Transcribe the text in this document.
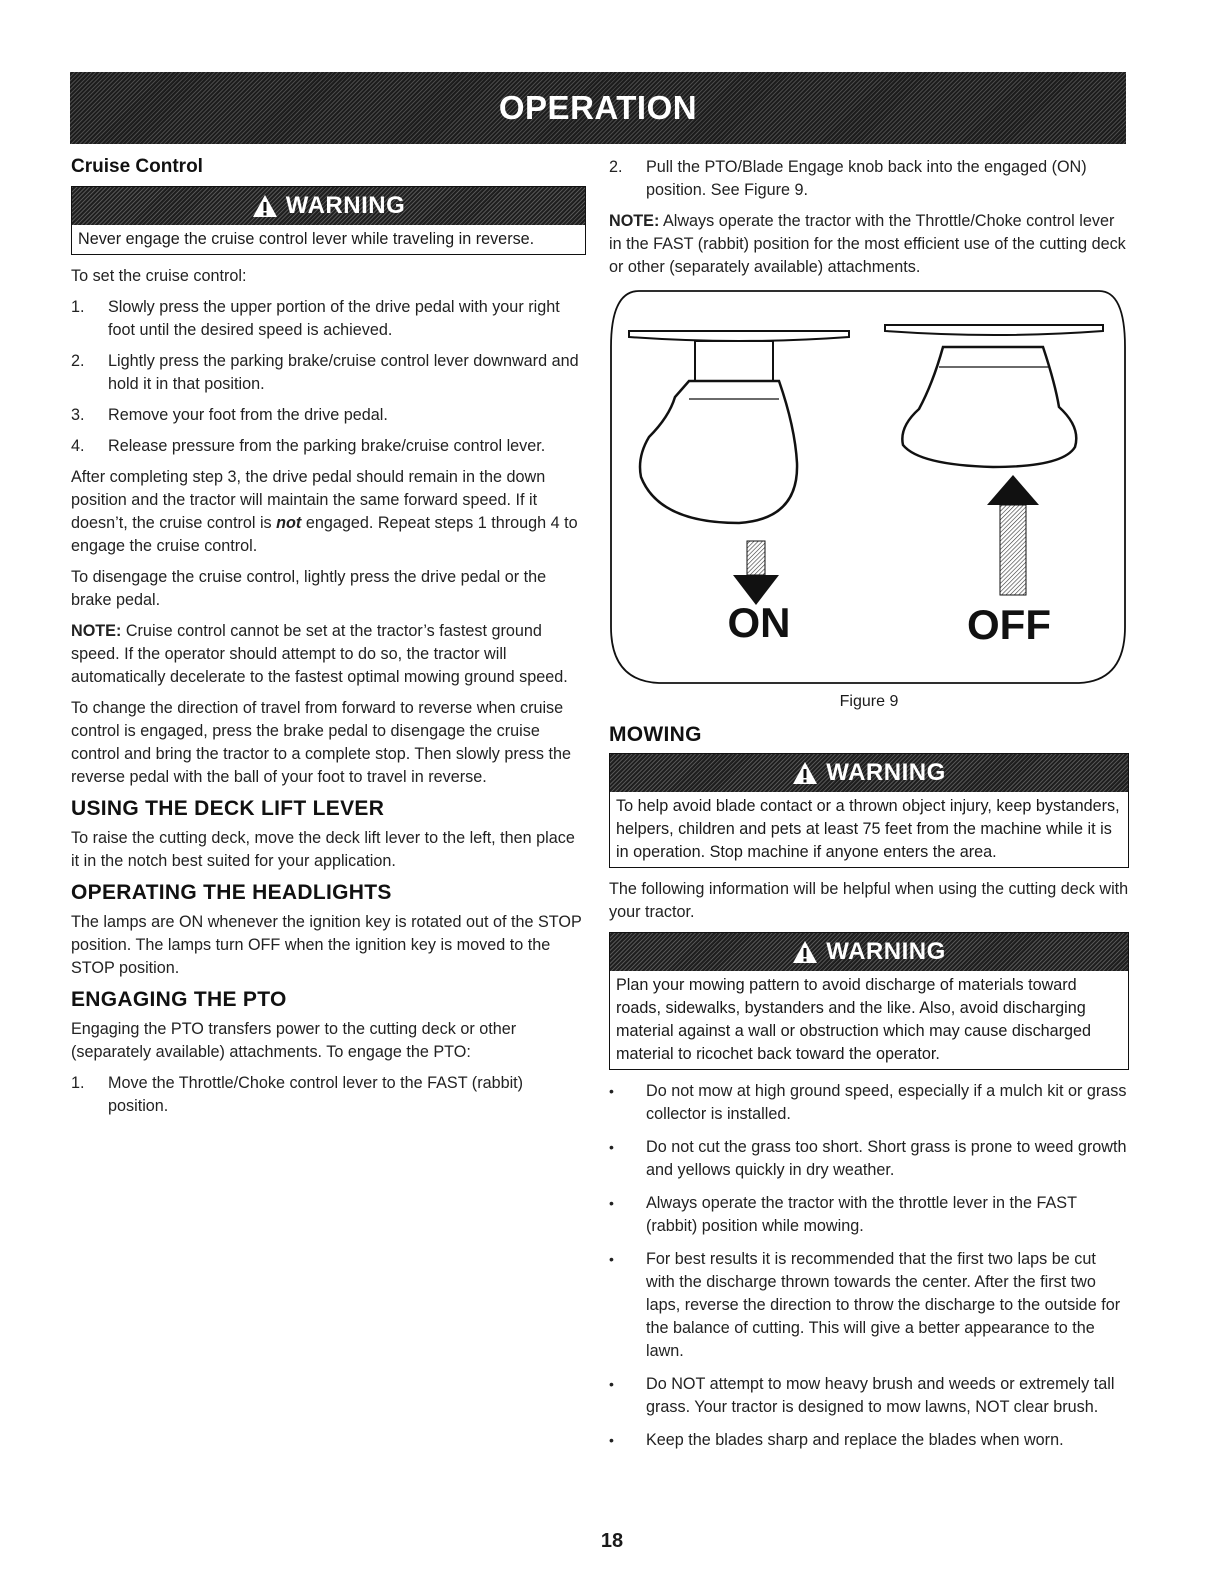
OPERATION
Cruise Control
WARNING
Never engage the cruise control lever while traveling in reverse.

To set the cruise control:

1. Slowly press the upper portion of the drive pedal with your right foot until the desired speed is achieved.
2. Lightly press the parking brake/cruise control lever downward and hold it in that position.
3. Remove your foot from the drive pedal.
4. Release pressure from the parking brake/cruise control lever.

After completing step 3, the drive pedal should remain in the down position and the tractor will maintain the same forward speed. If it doesn’t, the cruise control is not engaged. Repeat steps 1 through 4 to engage the cruise control.

To disengage the cruise control, lightly press the drive pedal or the brake pedal.

NOTE: Cruise control cannot be set at the tractor’s fastest ground speed. If the operator should attempt to do so, the tractor will automatically decelerate to the fastest optimal mowing ground speed.

To change the direction of travel from forward to reverse when cruise control is engaged, press the brake pedal to disengage the cruise control and bring the tractor to a complete stop. Then slowly press the reverse pedal with the ball of your foot to travel in reverse.

USING THE DECK LIFT LEVER

To raise the cutting deck, move the deck lift lever to the left, then place it in the notch best suited for your application.

OPERATING THE HEADLIGHTS

The lamps are ON whenever the ignition key is rotated out of the STOP position. The lamps turn OFF when the ignition key is moved to the STOP position.

ENGAGING THE PTO

Engaging the PTO transfers power to the cutting deck or other (separately available) attachments. To engage the PTO:

1. Move the Throttle/Choke control lever to the FAST (rabbit) position.
2. Pull the PTO/Blade Engage knob back into the engaged (ON) position. See Figure 9.

NOTE: Always operate the tractor with the Throttle/Choke control lever in the FAST (rabbit) position for the most efficient use of the cutting deck or other (separately available) attachments.

ON	OFF
Figure 9
MOWING
WARNING
To help avoid blade contact or a thrown object injury, keep bystanders, helpers, children and pets at least 75 feet from the machine while it is in operation. Stop machine if anyone enters the area.

The following information will be helpful when using the cutting deck with your tractor.

WARNING
Plan your mowing pattern to avoid discharge of materials toward roads, sidewalks, bystanders and the like. Also, avoid discharging material against a wall or obstruction which may cause discharged material to ricochet back toward the operator.
• Do not mow at high ground speed, especially if a mulch kit or grass collector is installed.
• Do not cut the grass too short. Short grass is prone to weed growth and yellows quickly in dry weather.
• Always operate the tractor with the throttle lever in the FAST (rabbit) position while mowing.
• For best results it is recommended that the first two laps be cut with the discharge thrown towards the center. After the first two laps, reverse the direction to throw the discharge to the outside for the balance of cutting. This will give a better appearance to the lawn.
• Do NOT attempt to mow heavy brush and weeds or extremely tall grass. Your tractor is designed to mow lawns, NOT clear brush.
• Keep the blades sharp and replace the blades when worn.
18
